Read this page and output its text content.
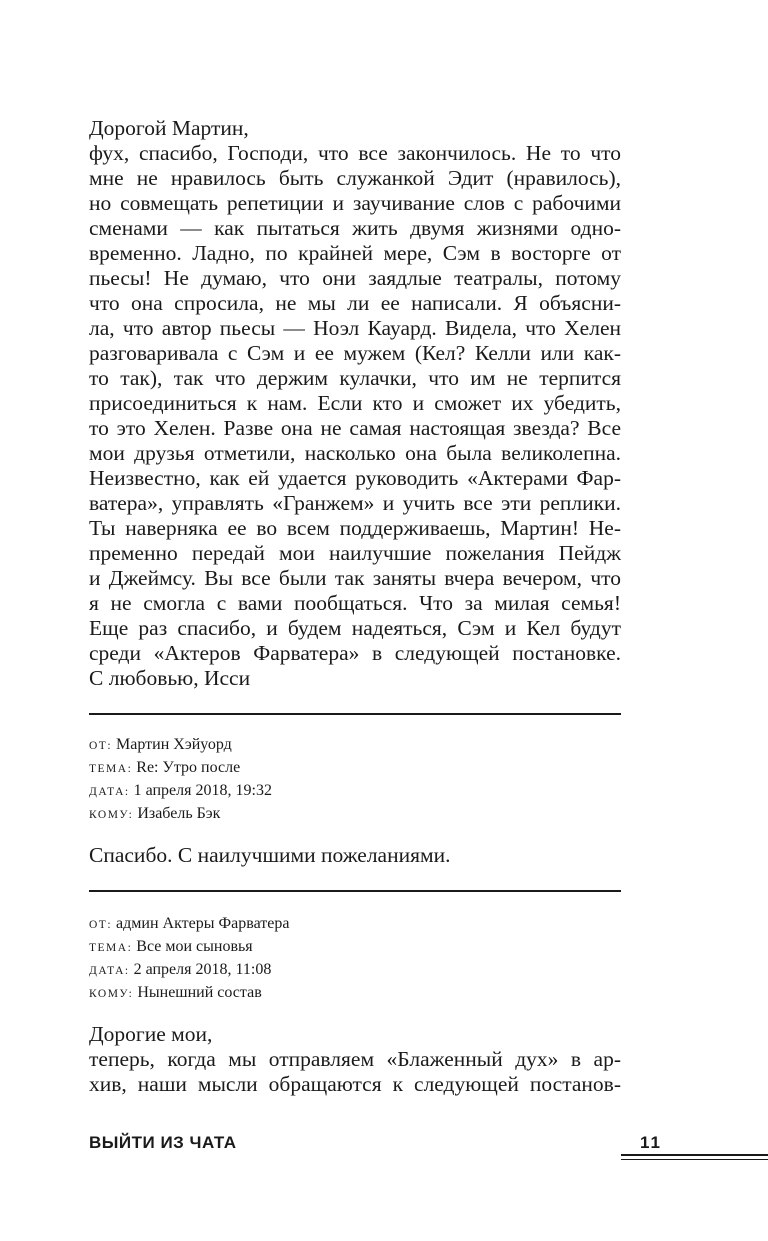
Дорогой Мартин,
фух, спасибо, Господи, что все закончилось. Не то что
мне не нравилось быть служанкой Эдит (нравилось),
но совмещать репетиции и заучивание слов с рабочими
сменами — как пытаться жить двумя жизнями одно-
временно. Ладно, по крайней мере, Сэм в восторге от
пьесы! Не думаю, что они заядлые театралы, потому
что она спросила, не мы ли ее написали. Я объясни-
ла, что автор пьесы — Ноэл Кауард. Видела, что Хелен
разговаривала с Сэм и ее мужем (Кел? Келли или как-
то так), так что держим кулачки, что им не терпится
присоединиться к нам. Если кто и сможет их убедить,
то это Хелен. Разве она не самая настоящая звезда? Все
мои друзья отметили, насколько она была великолепна.
Неизвестно, как ей удается руководить «Актерами Фар-
ватера», управлять «Гранжем» и учить все эти реплики.
Ты наверняка ее во всем поддерживаешь, Мартин! Не-
пременно передай мои наилучшие пожелания Пейдж
и Джеймсу. Вы все были так заняты вчера вечером, что
я не смогла с вами пообщаться. Что за милая семья!
Еще раз спасибо, и будем надеяться, Сэм и Кел будут
среди «Актеров Фарватера» в следующей постановке.
С любовью, Исси
ОТ: Мартин Хэйуорд
ТЕМА: Re: Утро после
ДАТА: 1 апреля 2018, 19:32
КОМУ: Изабель Бэк
Спасибо. С наилучшими пожеланиями.
ОТ: админ Актеры Фарватера
ТЕМА: Все мои сыновья
ДАТА: 2 апреля 2018, 11:08
КОМУ: Нынешний состав
Дорогие мои,
теперь, когда мы отправляем «Блаженный дух» в ар-
хив, наши мысли обращаются к следующей постанов-
ВЫЙТИ ИЗ ЧАТА	11
